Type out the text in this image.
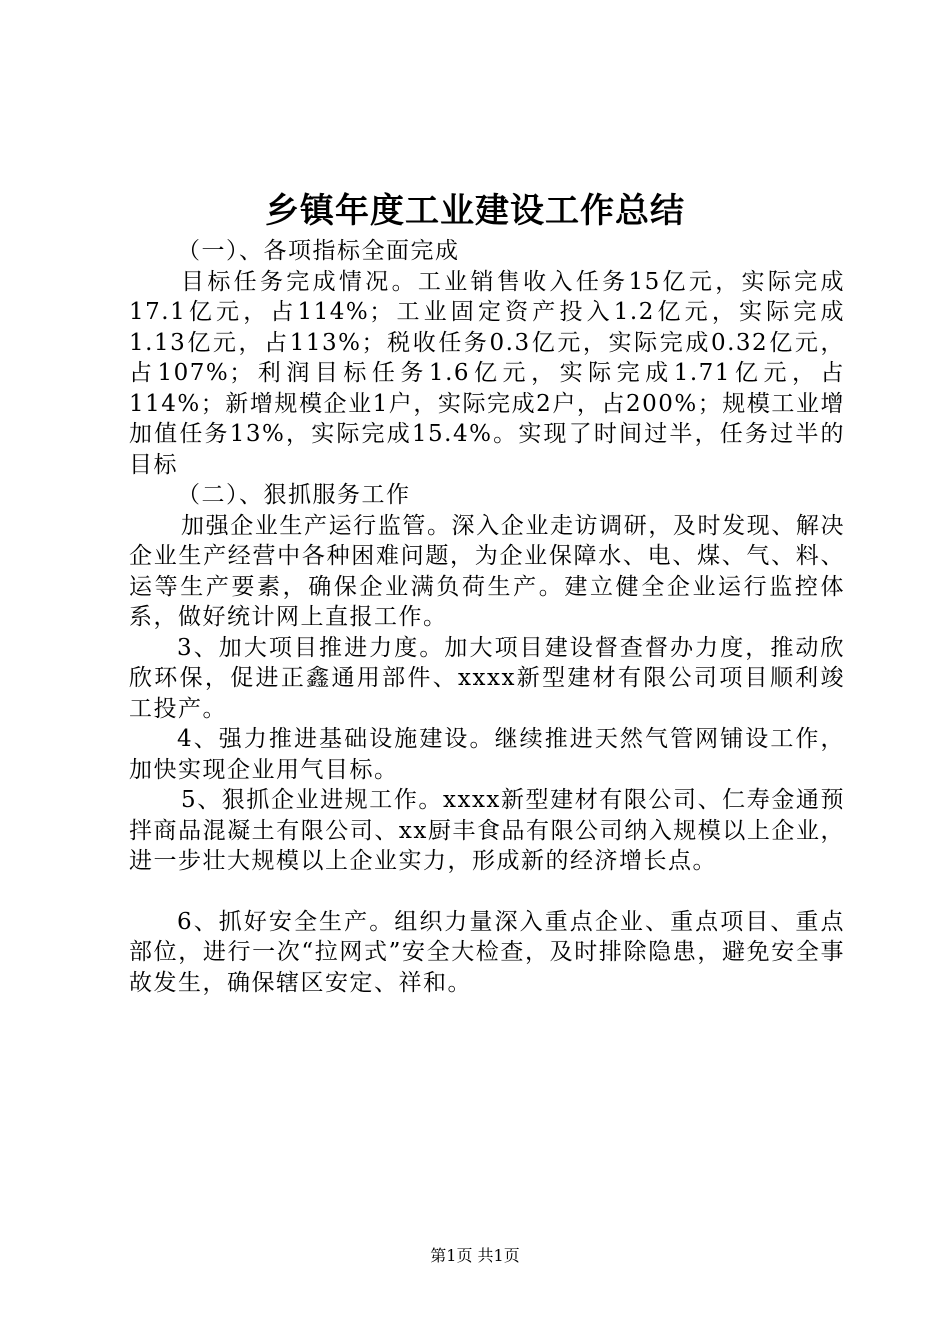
乡镇年度工业建设工作总结

（一）、各项指标全面完成

目标任务完成情况。工业销售收入任务15亿元，实际完成17.1亿元，占114%；工业固定资产投入1.2亿元，实际完成1.13亿元，占113%；税收任务0.3亿元，实际完成0.32亿元，占107%；利润目标任务1.6亿元，实际完成1.71亿元，占114%；新增规模企业1户，实际完成2户，占200%；规模工业增加值任务13%，实际完成15.4%。实现了时间过半，任务过半的目标

（二）、狠抓服务工作

加强企业生产运行监管。深入企业走访调研，及时发现、解决企业生产经营中各种困难问题，为企业保障水、电、煤、气、料、运等生产要素，确保企业满负荷生产。建立健全企业运行监控体系，做好统计网上直报工作。

3、加大项目推进力度。加大项目建设督查督办力度，推动欣欣环保，促进正鑫通用部件、xxxx新型建材有限公司项目顺利竣工投产。

4、强力推进基础设施建设。继续推进天然气管网铺设工作，加快实现企业用气目标。

5、狠抓企业进规工作。xxxx新型建材有限公司、仁寿金通预拌商品混凝土有限公司、xx厨丰食品有限公司纳入规模以上企业，进一步壮大规模以上企业实力，形成新的经济增长点。

6、抓好安全生产。组织力量深入重点企业、重点项目、重点部位，进行一次“拉网式”安全大检查，及时排除隐患，避免安全事故发生，确保辖区安定、祥和。

第1页 共1页
